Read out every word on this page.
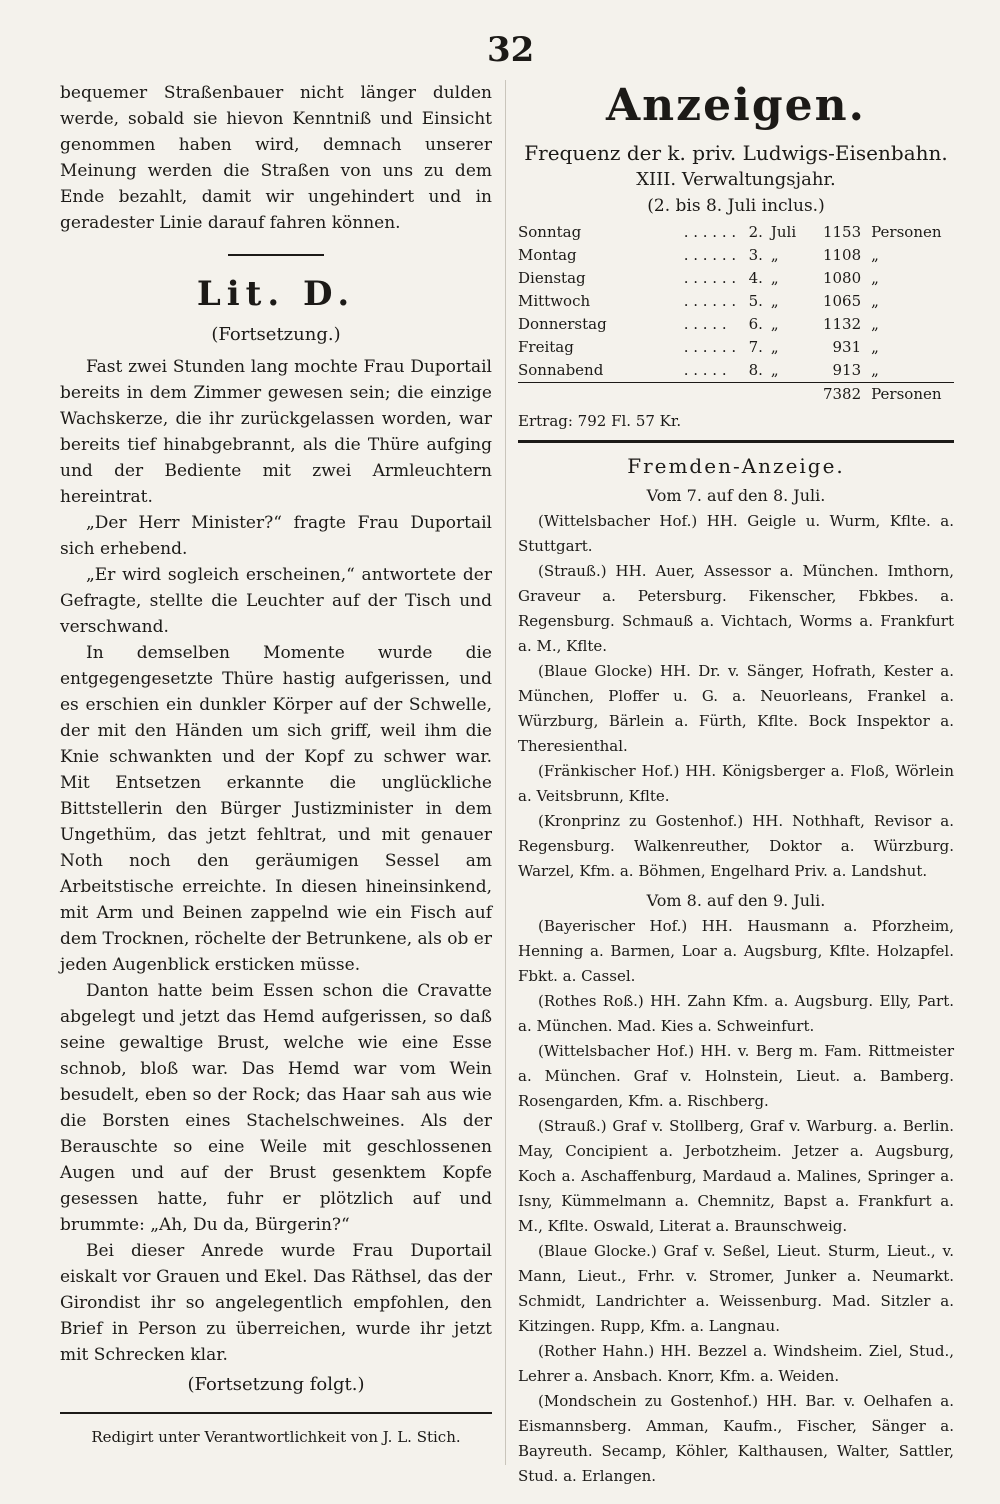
32

bequemer Straßenbauer nicht länger dulden werde, sobald sie hievon Kenntniß und Einsicht genommen haben wird, demnach unserer Meinung werden die Straßen von uns zu dem Ende bezahlt, damit wir ungehindert und in geradester Linie darauf fahren können.

Lit. D.

(Fortsetzung.)

Fast zwei Stunden lang mochte Frau Duportail bereits in dem Zimmer gewesen sein; die einzige Wachskerze, die ihr zurückgelassen worden, war bereits tief hinabgebrannt, als die Thüre aufging und der Bediente mit zwei Armleuchtern hereintrat.

„Der Herr Minister?“ fragte Frau Duportail sich erhebend.

„Er wird sogleich erscheinen,“ antwortete der Gefragte, stellte die Leuchter auf der Tisch und verschwand.

In demselben Momente wurde die entgegengesetzte Thüre hastig aufgerissen, und es erschien ein dunkler Körper auf der Schwelle, der mit den Händen um sich griff, weil ihm die Knie schwankten und der Kopf zu schwer war. Mit Entsetzen erkannte die unglückliche Bittstellerin den Bürger Justizminister in dem Ungethüm, das jetzt fehltrat, und mit genauer Noth noch den geräumigen Sessel am Arbeitstische erreichte. In diesen hineinsinkend, mit Arm und Beinen zappelnd wie ein Fisch auf dem Trocknen, röchelte der Betrunkene, als ob er jeden Augenblick ersticken müsse.

Danton hatte beim Essen schon die Cravatte abgelegt und jetzt das Hemd aufgerissen, so daß seine gewaltige Brust, welche wie eine Esse schnob, bloß war. Das Hemd war vom Wein besudelt, eben so der Rock; das Haar sah aus wie die Borsten eines Stachelschweines. Als der Berauschte so eine Weile mit geschlossenen Augen und auf der Brust gesenktem Kopfe gesessen hatte, fuhr er plötzlich auf und brummte: „Ah, Du da, Bürgerin?“

Bei dieser Anrede wurde Frau Duportail eiskalt vor Grauen und Ekel. Das Räthsel, das der Girondist ihr so angelegentlich empfohlen, den Brief in Person zu überreichen, wurde ihr jetzt mit Schrecken klar.

(Fortsetzung folgt.)

Redigirt unter Verantwortlichkeit von J. L. Stich.

Anzeigen.

Frequenz der k. priv. Ludwigs-Eisenbahn.

XIII. Verwaltungsjahr.

(2. bis 8. Juli inclus.)

Sonntag	. . . . . .	2.	Juli	1153	Personen
Montag	. . . . . .	3.	„	1108	„
Dienstag	. . . . . .	4.	„	1080	„
Mittwoch	. . . . . .	5.	„	1065	„
Donnerstag	. . . . .	6.	„	1132	„
Freitag	. . . . . .	7.	„	931	„
Sonnabend	. . . . .	8.	„	913	„
				7382	Personen

Ertrag: 792 Fl. 57 Kr.

Fremden-Anzeige.

Vom 7. auf den 8. Juli.

(Wittelsbacher Hof.) HH. Geigle u. Wurm, Kflte. a. Stuttgart.

(Strauß.) HH. Auer, Assessor a. München. Imthorn, Graveur a. Petersburg. Fikenscher, Fbkbes. a. Regensburg. Schmauß a. Vichtach, Worms a. Frankfurt a. M., Kflte.

(Blaue Glocke) HH. Dr. v. Sänger, Hofrath, Kester a. München, Ploffer u. G. a. Neuorleans, Frankel a. Würzburg, Bärlein a. Fürth, Kflte. Bock Inspektor a. Theresienthal.

(Fränkischer Hof.) HH. Königsberger a. Floß, Wörlein a. Veitsbrunn, Kflte.

(Kronprinz zu Gostenhof.) HH. Nothhaft, Revisor a. Regensburg. Walkenreuther, Doktor a. Würzburg. Warzel, Kfm. a. Böhmen, Engelhard Priv. a. Landshut.

Vom 8. auf den 9. Juli.

(Bayerischer Hof.) HH. Hausmann a. Pforzheim, Henning a. Barmen, Loar a. Augsburg, Kflte. Holzapfel. Fbkt. a. Cassel.

(Rothes Roß.) HH. Zahn Kfm. a. Augsburg. Elly, Part. a. München. Mad. Kies a. Schweinfurt.

(Wittelsbacher Hof.) HH. v. Berg m. Fam. Rittmeister a. München. Graf v. Holnstein, Lieut. a. Bamberg. Rosengarden, Kfm. a. Rischberg.

(Strauß.) Graf v. Stollberg, Graf v. Warburg. a. Berlin. May, Concipient a. Jerbotzheim. Jetzer a. Augsburg, Koch a. Aschaffenburg, Mardaud a. Malines, Springer a. Isny, Kümmelmann a. Chemnitz, Bapst a. Frankfurt a. M., Kflte. Oswald, Literat a. Braunschweig.

(Blaue Glocke.) Graf v. Seßel, Lieut. Sturm, Lieut., v. Mann, Lieut., Frhr. v. Stromer, Junker a. Neumarkt. Schmidt, Landrichter a. Weissenburg. Mad. Sitzler a. Kitzingen. Rupp, Kfm. a. Langnau.

(Rother Hahn.) HH. Bezzel a. Windsheim. Ziel, Stud., Lehrer a. Ansbach. Knorr, Kfm. a. Weiden.

(Mondschein zu Gostenhof.) HH. Bar. v. Oelhafen a. Eismannsberg. Amman, Kaufm., Fischer, Sänger a. Bayreuth. Secamp, Köhler, Kalthausen, Walter, Sattler, Stud. a. Erlangen.
